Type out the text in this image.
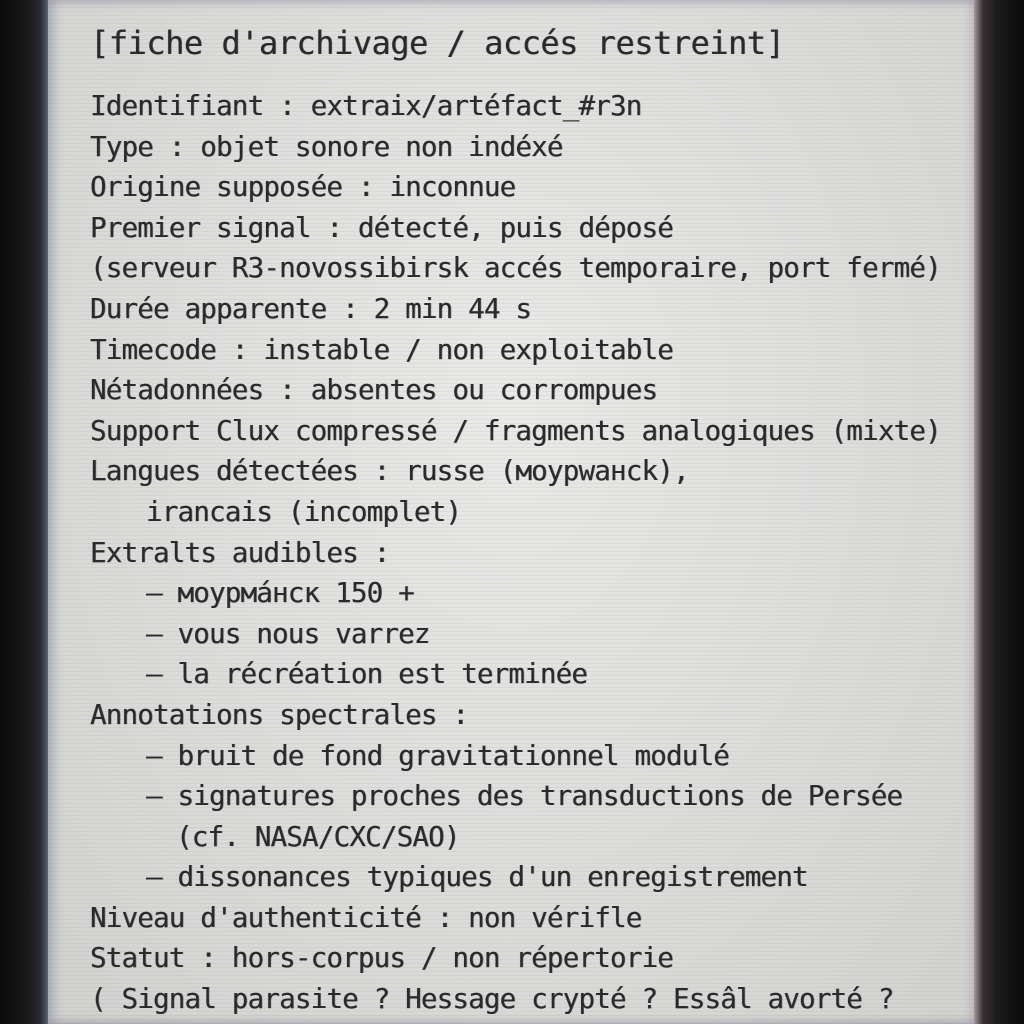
[fiche d'archivage / accés restreint]
Identifiant : extraix/artéfact_#r3n
Type : objet sonore non indéxé
Origine supposée : inconnue
Premier signal : détecté, puis déposé
(serveur R3-novossibirsk accés temporaire, port fermé)
Durée apparente : 2 min 44 s
Timecode : instable / non exploitable
Nétadonnées : absentes ou corrompues
Support Clux compressé / fragments analogiques (mixte)
Langues détectées : russe (моурwaнсk),
irancais (incomplet)
Extralts audibles :
– моурмáнск 150 +
– vous nous varrez
– la récréation est terminée
Annotations spectrales :
– bruit de fond gravitationnel modulé
– signatures proches des transductions de Persée
(cf. NASA/CXC/SAO)
– dissonances typiques d'un enregistrement
Niveau d'authenticité : non vérifle
Statut : hors-corpus / non répertorie
( Signal parasite ? Hessage crypté ? Essâl avorté ?
